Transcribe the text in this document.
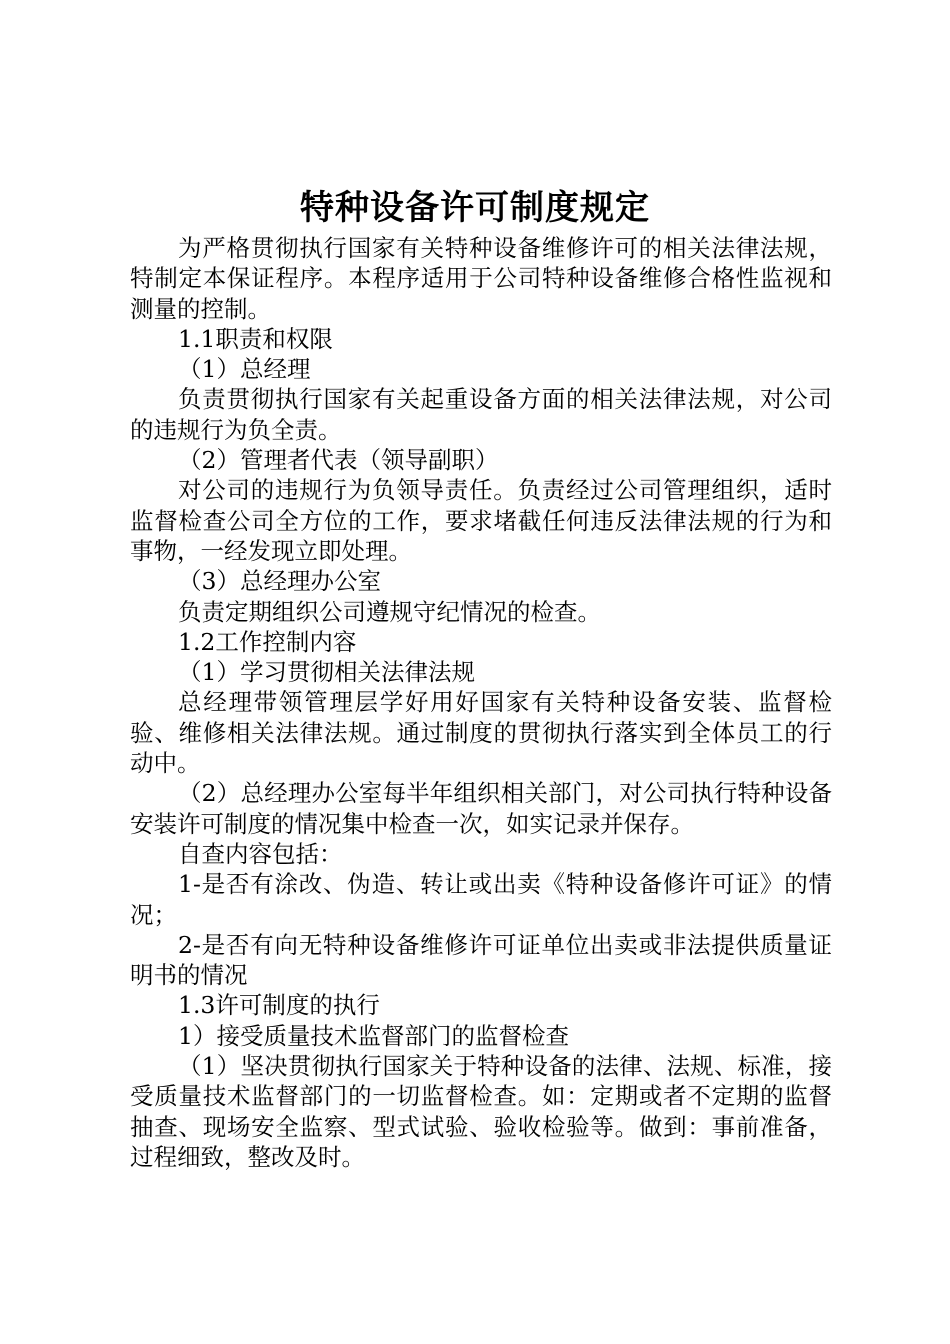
特种设备许可制度规定

为严格贯彻执行国家有关特种设备维修许可的相关法律法规，特制定本保证程序。本程序适用于公司特种设备维修合格性监视和测量的控制。

1.1职责和权限

（1）总经理

负责贯彻执行国家有关起重设备方面的相关法律法规，对公司的违规行为负全责。

（2）管理者代表（领导副职）

对公司的违规行为负领导责任。负责经过公司管理组织，适时监督检查公司全方位的工作，要求堵截任何违反法律法规的行为和事物，一经发现立即处理。

（3）总经理办公室

负责定期组织公司遵规守纪情况的检查。

1.2工作控制内容

（1）学习贯彻相关法律法规

总经理带领管理层学好用好国家有关特种设备安装、监督检验、维修相关法律法规。通过制度的贯彻执行落实到全体员工的行动中。

（2）总经理办公室每半年组织相关部门，对公司执行特种设备安装许可制度的情况集中检查一次，如实记录并保存。

自查内容包括：

1-是否有涂改、伪造、转让或出卖《特种设备修许可证》的情况；

2-是否有向无特种设备维修许可证单位出卖或非法提供质量证明书的情况

1.3许可制度的执行

1）接受质量技术监督部门的监督检查

（1）坚决贯彻执行国家关于特种设备的法律、法规、标准，接受质量技术监督部门的一切监督检查。如：定期或者不定期的监督抽查、现场安全监察、型式试验、验收检验等。做到：事前准备，过程细致，整改及时。
